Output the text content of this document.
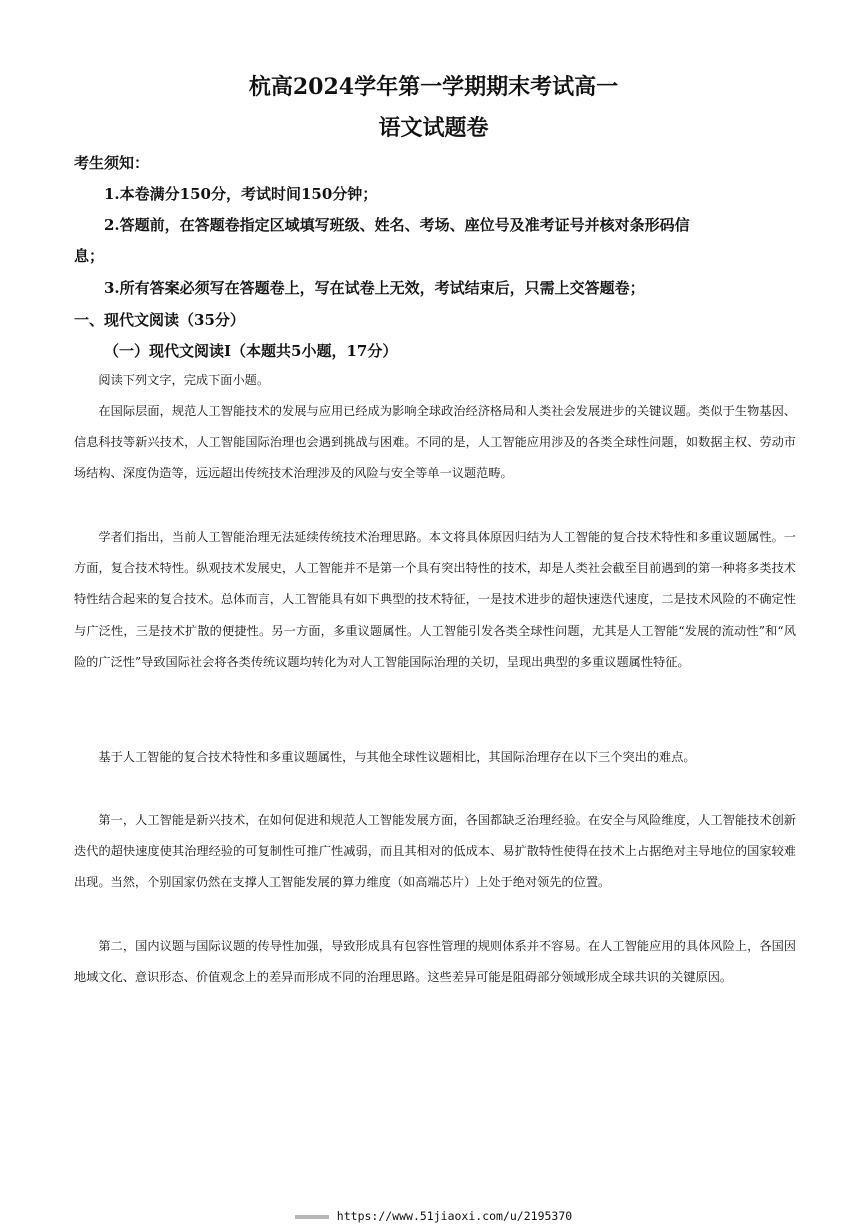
杭高2024学年第一学期期末考试高一
语文试题卷
考生须知：
1.本卷满分150分，考试时间150分钟；
2.答题前，在答题卷指定区域填写班级、姓名、考场、座位号及准考证号并核对条形码信
息；
3.所有答案必须写在答题卷上，写在试卷上无效，考试结束后，只需上交答题卷；
一、现代文阅读（35分）
（一）现代文阅读Ⅰ（本题共5小题，17分）
阅读下列文字，完成下面小题。
在国际层面，规范人工智能技术的发展与应用已经成为影响全球政治经济格局和人类社会发展进步的关键议题。类似于生物基因、信息科技等新兴技术，人工智能国际治理也会遇到挑战与困难。不同的是，人工智能应用涉及的各类全球性问题，如数据主权、劳动市场结构、深度伪造等，远远超出传统技术治理涉及的风险与安全等单一议题范畴。
学者们指出，当前人工智能治理无法延续传统技术治理思路。本文将具体原因归结为人工智能的复合技术特性和多重议题属性。一方面，复合技术特性。纵观技术发展史，人工智能并不是第一个具有突出特性的技术，却是人类社会截至目前遇到的第一种将多类技术特性结合起来的复合技术。总体而言，人工智能具有如下典型的技术特征，一是技术进步的超快速迭代速度，二是技术风险的不确定性与广泛性，三是技术扩散的便捷性。另一方面，多重议题属性。人工智能引发各类全球性问题，尤其是人工智能“发展的流动性”和“风险的广泛性”导致国际社会将各类传统议题均转化为对人工智能国际治理的关切，呈现出典型的多重议题属性特征。
基于人工智能的复合技术特性和多重议题属性，与其他全球性议题相比，其国际治理存在以下三个突出的难点。
第一，人工智能是新兴技术，在如何促进和规范人工智能发展方面，各国都缺乏治理经验。在安全与风险维度，人工智能技术创新迭代的超快速度使其治理经验的可复制性可推广性减弱，而且其相对的低成本、易扩散特性使得在技术上占据绝对主导地位的国家较难出现。当然，个别国家仍然在支撑人工智能发展的算力维度（如高端芯片）上处于绝对领先的位置。
第二，国内议题与国际议题的传导性加强，导致形成具有包容性管理的规则体系并不容易。在人工智能应用的具体风险上，各国因地域文化、意识形态、价值观念上的差异而形成不同的治理思路。这些差异可能是阻碍部分领域形成全球共识的关键原因。
https://www.51jiaoxi.com/u/2195370
